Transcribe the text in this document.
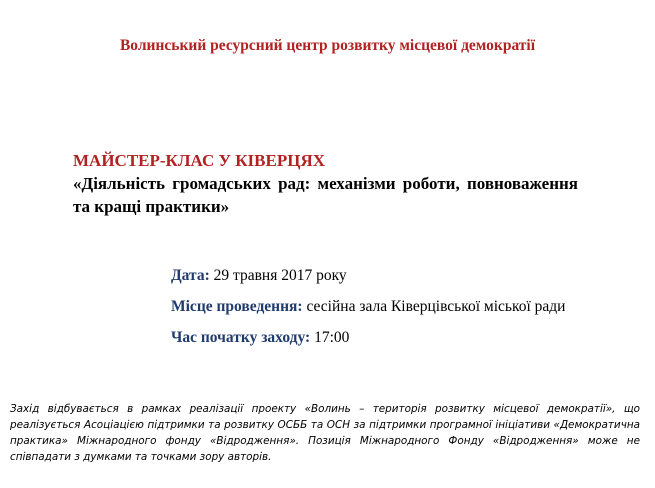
Волинський ресурсний центр розвитку місцевої демократії
МАЙСТЕР-КЛАС У КІВЕРЦЯХ
«Діяльність громадських рад: механізми роботи, повноваження та кращі практики»
Дата: 29 травня 2017 року
Місце проведення: сесійна зала Ківерцівської міської ради
Час початку заходу: 17:00
Захід відбувається в рамках реалізації проекту «Волинь – територія розвитку місцевої демократії», що реалізується Асоціацією підтримки та розвитку ОСББ та ОСН за підтримки програмної ініціативи «Демократична практика» Міжнародного фонду «Відродження». Позиція Міжнародного Фонду «Відродження» може не співпадати з думками та точками зору авторів.
